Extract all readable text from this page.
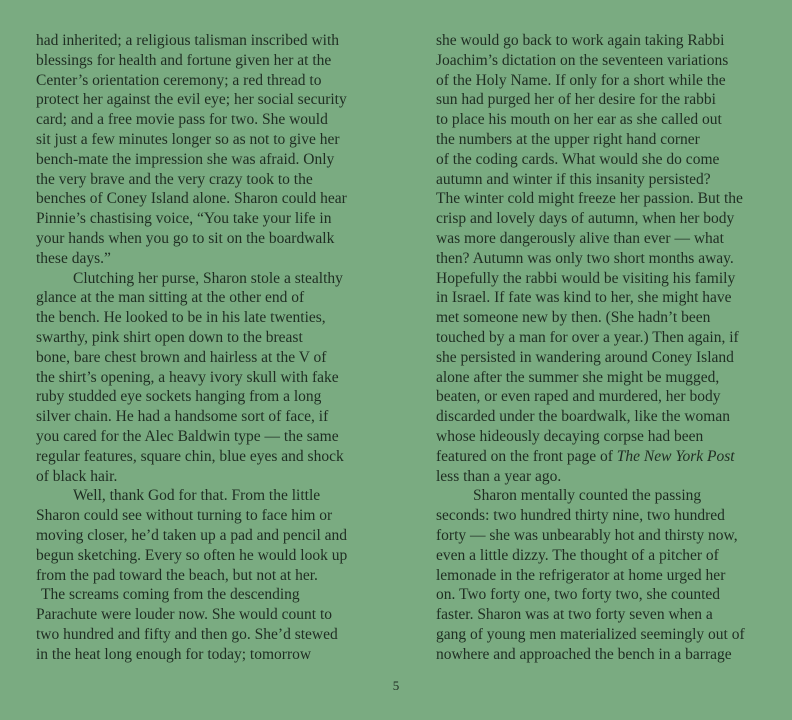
had inherited; a religious talisman inscribed with
blessings for health and fortune given her at the
Center’s orientation ceremony; a red thread to
protect her against the evil eye; her social security
card; and a free movie pass for two. She would
sit just a few minutes longer so as not to give her
bench-mate the impression she was afraid. Only
the very brave and the very crazy took to the
benches of Coney Island alone. Sharon could hear
Pinnie’s chastising voice, “You take your life in
your hands when you go to sit on the boardwalk
these days.”
Clutching her purse, Sharon stole a stealthy
glance at the man sitting at the other end of
the bench. He looked to be in his late twenties,
swarthy, pink shirt open down to the breast
bone, bare chest brown and hairless at the V of
the shirt’s opening, a heavy ivory skull with fake
ruby studded eye sockets hanging from a long
silver chain. He had a handsome sort of face, if
you cared for the Alec Baldwin type — the same
regular features, square chin, blue eyes and shock
of black hair.
Well, thank God for that. From the little
Sharon could see without turning to face him or
moving closer, he’d taken up a pad and pencil and
begun sketching. Every so often he would look up
from the pad toward the beach, but not at her.
The screams coming from the descending
Parachute were louder now. She would count to
two hundred and fifty and then go. She’d stewed
in the heat long enough for today; tomorrow
she would go back to work again taking Rabbi
Joachim’s dictation on the seventeen variations
of the Holy Name. If only for a short while the
sun had purged her of her desire for the rabbi
to place his mouth on her ear as she called out
the numbers at the upper right hand corner
of the coding cards. What would she do come
autumn and winter if this insanity persisted?
The winter cold might freeze her passion. But the
crisp and lovely days of autumn, when her body
was more dangerously alive than ever — what
then? Autumn was only two short months away.
Hopefully the rabbi would be visiting his family
in Israel. If fate was kind to her, she might have
met someone new by then. (She hadn’t been
touched by a man for over a year.) Then again, if
she persisted in wandering around Coney Island
alone after the summer she might be mugged,
beaten, or even raped and murdered, her body
discarded under the boardwalk, like the woman
whose hideously decaying corpse had been
featured on the front page of The New York Post
less than a year ago.
Sharon mentally counted the passing
seconds: two hundred thirty nine, two hundred
forty — she was unbearably hot and thirsty now,
even a little dizzy. The thought of a pitcher of
lemonade in the refrigerator at home urged her
on. Two forty one, two forty two, she counted
faster. Sharon was at two forty seven when a
gang of young men materialized seemingly out of
nowhere and approached the bench in a barrage
5
